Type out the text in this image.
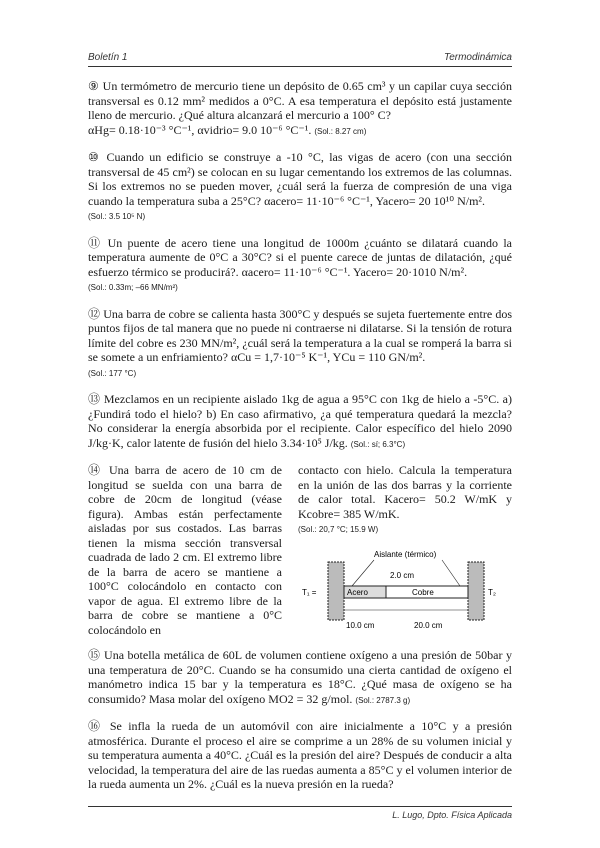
Boletín 1	Termodinámica
⑨ Un termómetro de mercurio tiene un depósito de 0.65 cm³ y un capilar cuya sección transversal es 0.12 mm² medidos a 0°C. A esa temperatura el depósito está justamente lleno de mercurio. ¿Qué altura alcanzará el mercurio a 100° C?
αHg= 0.18·10⁻³ °C⁻¹, αvidrio= 9.0 10⁻⁶ °C⁻¹. (Sol.: 8.27 cm)
⑩ Cuando un edificio se construye a -10 °C, las vigas de acero (con una sección transversal de 45 cm²) se colocan en su lugar cementando los extremos de las columnas. Si los extremos no se pueden mover, ¿cuál será la fuerza de compresión de una viga cuando la temperatura suba a 25°C? αacero= 11·10⁻⁶ °C⁻¹, Yacero= 20 10¹⁰ N/m².
(Sol.: 3.5 10⁵ N)
⑪ Un puente de acero tiene una longitud de 1000m ¿cuánto se dilatará cuando la temperatura aumente de 0°C a 30°C? si el puente carece de juntas de dilatación, ¿qué esfuerzo térmico se producirá?. αacero= 11·10⁻⁶ °C⁻¹. Yacero= 20·1010 N/m².
(Sol.: 0.33m; –66 MN/m²)
⑫ Una barra de cobre se calienta hasta 300°C y después se sujeta fuertemente entre dos puntos fijos de tal manera que no puede ni contraerse ni dilatarse. Si la tensión de rotura límite del cobre es 230 MN/m², ¿cuál será la temperatura a la cual se romperá la barra si se somete a un enfriamiento? αCu = 1,7·10⁻⁵ K⁻¹, YCu = 110 GN/m².
(Sol.: 177 °C)
⑬ Mezclamos en un recipiente aislado 1kg de agua a 95°C con 1kg de hielo a -5°C. a) ¿Fundirá todo el hielo? b) En caso afirmativo, ¿a qué temperatura quedará la mezcla? No considerar la energía absorbida por el recipiente. Calor específico del hielo 2090 J/kg·K, calor latente de fusión del hielo 3.34·10⁵ J/kg. (Sol.: sí; 6.3°C)
⑭ Una barra de acero de 10 cm de longitud se suelda con una barra de cobre de 20cm de longitud (véase figura). Ambas están perfectamente aisladas por sus costados. Las barras tienen la misma sección transversal cuadrada de lado 2 cm. El extremo libre de la barra de acero se mantiene a 100°C colocándolo en contacto con vapor de agua. El extremo libre de la barra de cobre se mantiene a 0°C colocándolo en
contacto con hielo. Calcula la temperatura en la unión de las dos barras y la corriente de calor total. Kacero= 50.2 W/mK y Kcobre= 385 W/mK.
(Sol.: 20,7 °C; 15.9 W)
Aislante (térmico)
2.0 cm
Acero	Cobre
T₁ =	T₂
10.0 cm	20.0 cm
⑮ Una botella metálica de 60L de volumen contiene oxígeno a una presión de 50bar y una temperatura de 20°C. Cuando se ha consumido una cierta cantidad de oxígeno el manómetro indica 15 bar y la temperatura es 18°C. ¿Qué masa de oxígeno se ha consumido? Masa molar del oxígeno MO2 = 32 g/mol. (Sol.: 2787.3 g)
⑯ Se infla la rueda de un automóvil con aire inicialmente a 10°C y a presión atmosférica. Durante el proceso el aire se comprime a un 28% de su volumen inicial y su temperatura aumenta a 40°C. ¿Cuál es la presión del aire? Después de conducir a alta velocidad, la temperatura del aire de las ruedas aumenta a 85°C y el volumen interior de la rueda aumenta un 2%. ¿Cuál es la nueva presión en la rueda?
L. Lugo, Dpto. Física Aplicada
